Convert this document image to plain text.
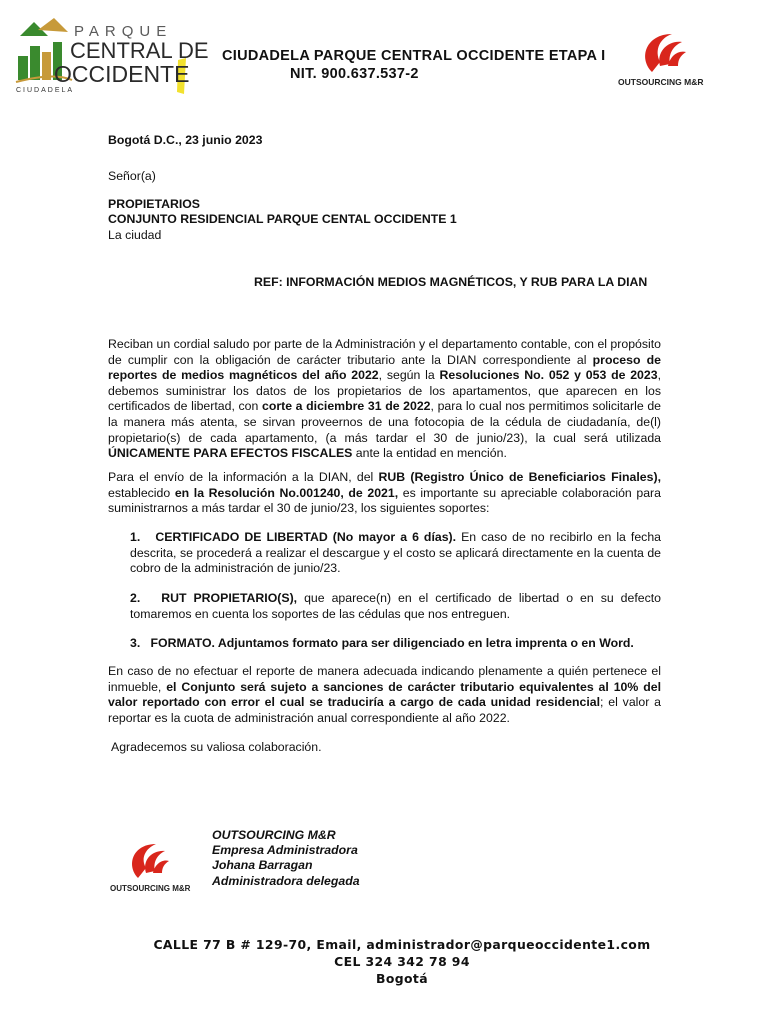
PARQUE
CENTRAL DE
OCCIDENTE
CIUDADELA
CIUDADELA PARQUE CENTRAL OCCIDENTE ETAPA I
NIT. 900.637.537-2	OUTSOURCING M&R
Bogotá D.C., 23 junio 2023
Señor(a)
PROPIETARIOS
CONJUNTO RESIDENCIAL PARQUE CENTAL OCCIDENTE 1
La ciudad
REF: INFORMACIÓN MEDIOS MAGNÉTICOS, Y RUB PARA LA DIAN
Reciban un cordial saludo por parte de la Administración y el departamento contable, con el propósito de cumplir con la obligación de carácter tributario ante la DIAN correspondiente al proceso de reportes de medios magnéticos del año 2022, según la Resoluciones No. 052 y 053 de 2023, debemos suministrar los datos de los propietarios de los apartamentos, que aparecen en los certificados de libertad, con corte a diciembre 31 de 2022, para lo cual nos permitimos solicitarle de la manera más atenta, se sirvan proveernos de una fotocopia de la cédula de ciudadanía, de(l) propietario(s) de cada apartamento, (a más tardar el 30 de junio/23), la cual será utilizada ÚNICAMENTE PARA EFECTOS FISCALES ante la entidad en mención.
Para el envío de la información a la DIAN, del RUB (Registro Único de Beneficiarios Finales), establecido en la Resolución No.001240, de 2021, es importante su apreciable colaboración para suministrarnos a más tardar el 30 de junio/23, los siguientes soportes:
1. CERTIFICADO DE LIBERTAD (No mayor a 6 días). En caso de no recibirlo en la fecha descrita, se procederá a realizar el descargue y el costo se aplicará directamente en la cuenta de cobro de la administración de junio/23.
2. RUT PROPIETARIO(S), que aparece(n) en el certificado de libertad o en su defecto tomaremos en cuenta los soportes de las cédulas que nos entreguen.
3. FORMATO. Adjuntamos formato para ser diligenciado en letra imprenta o en Word.
En caso de no efectuar el reporte de manera adecuada indicando plenamente a quién pertenece el inmueble, el Conjunto será sujeto a sanciones de carácter tributario equivalentes al 10% del valor reportado con error el cual se traduciría a cargo de cada unidad residencial; el valor a reportar es la cuota de administración anual correspondiente al año 2022.
Agradecemos su valiosa colaboración.
OUTSOURCING M&R
OUTSOURCING M&R
Empresa Administradora
Johana Barragan
Administradora delegada
CALLE 77 B # 129-70, Email, administrador@parqueoccidente1.com
CEL 324 342 78 94
Bogotá
